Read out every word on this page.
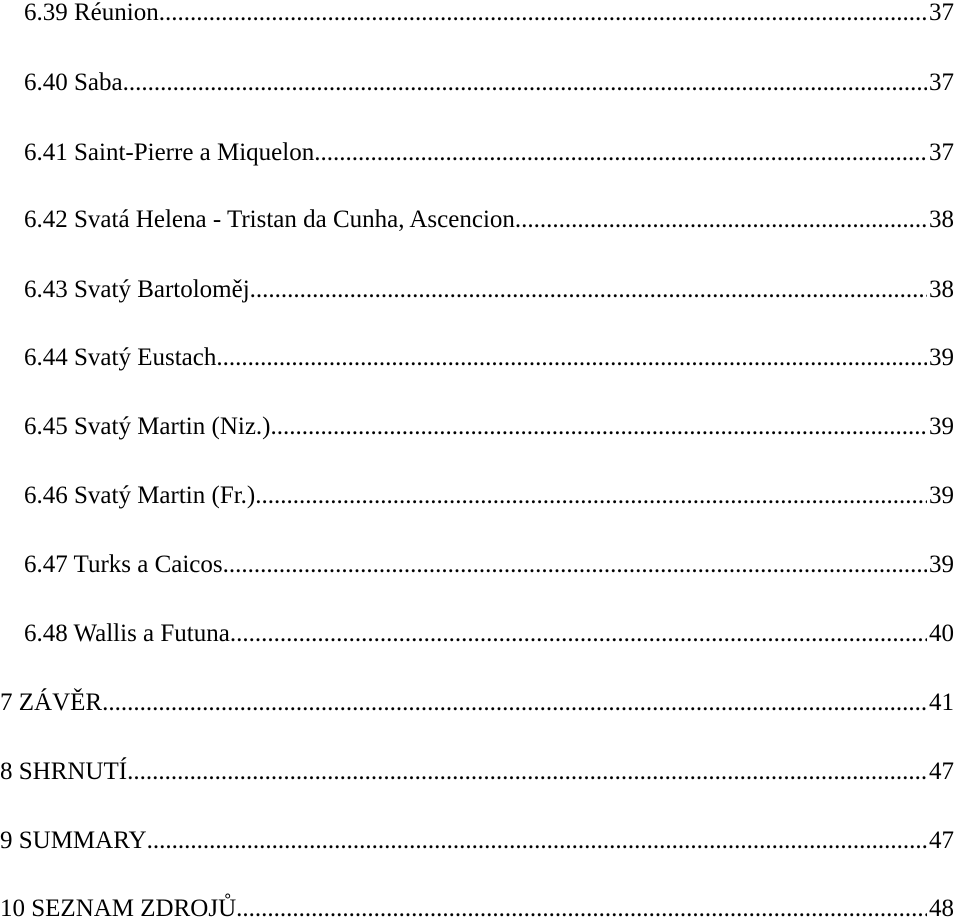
6.39 Réunion .....	37
6.40 Saba .....	37
6.41 Saint-Pierre a Miquelon .....	37
6.42 Svatá Helena - Tristan da Cunha, Ascencion .....	38
6.43 Svatý Bartoloměj .....	38
6.44 Svatý Eustach .....	39
6.45 Svatý Martin (Niz.) .....	39
6.46 Svatý Martin (Fr.) .....	39
6.47 Turks a Caicos .....	39
6.48 Wallis a Futuna .....	40
7 ZÁVĚR .....	41
8 SHRNUTÍ .....	47
9 SUMMARY .....	47
10 SEZNAM ZDROJŮ .....	48
